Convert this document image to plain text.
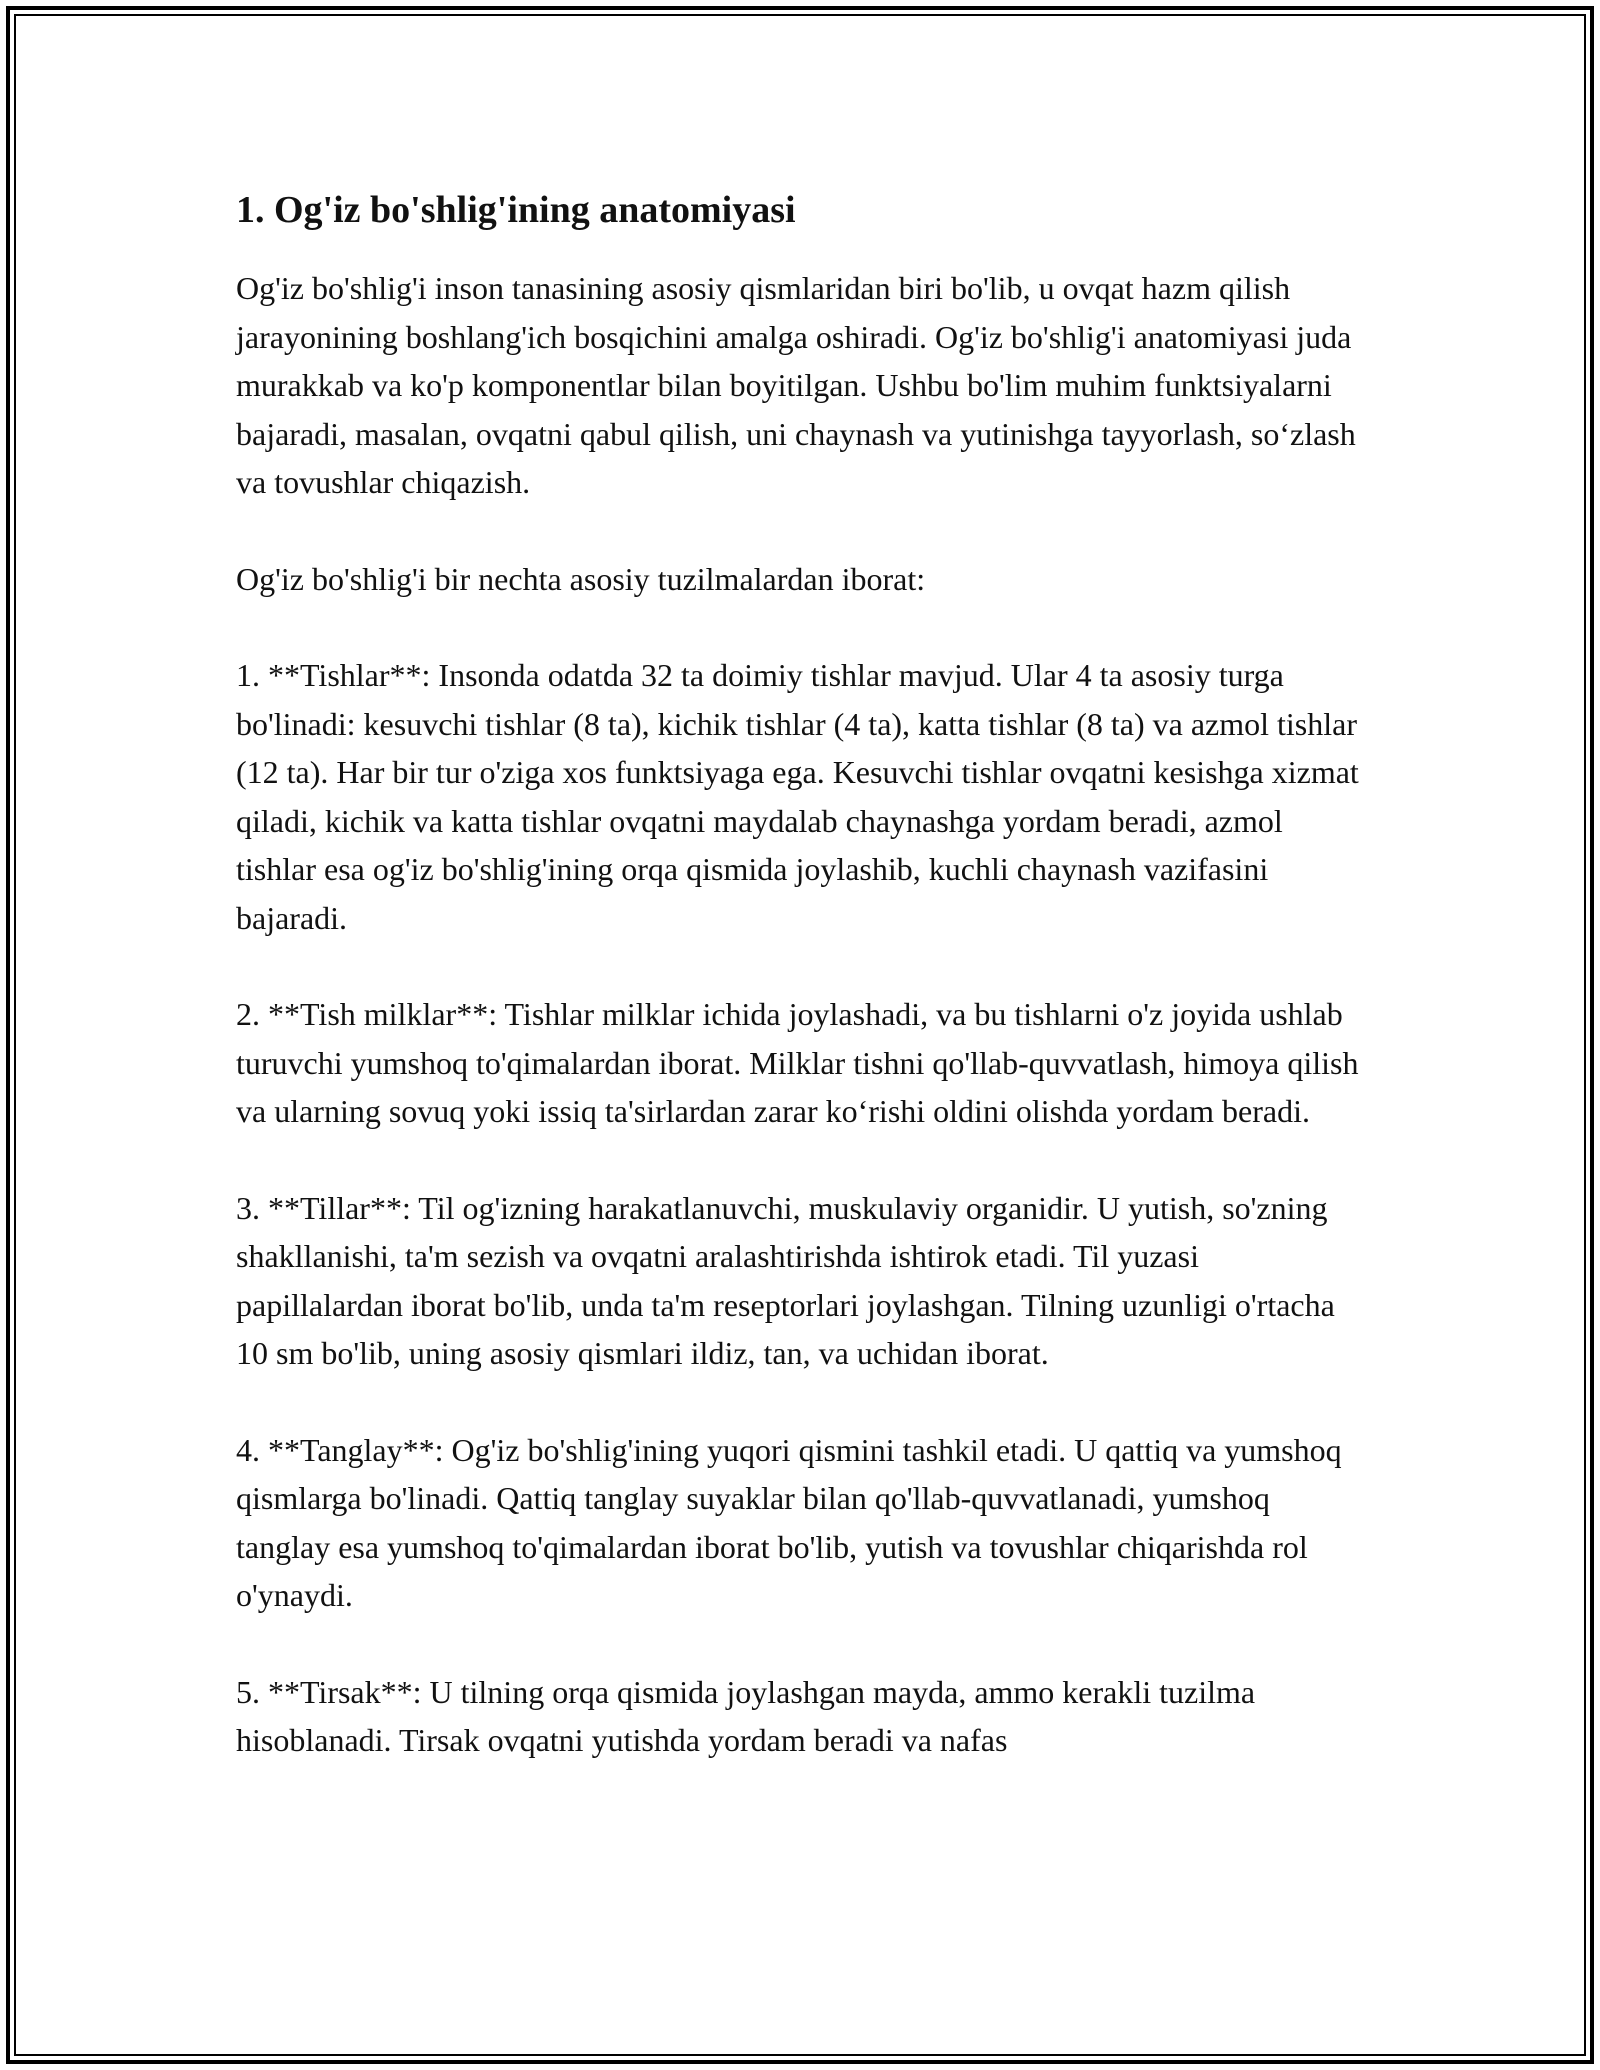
1. Og'iz bo'shlig'ining anatomiyasi

Og'iz bo'shlig'i inson tanasining asosiy qismlaridan biri bo'lib, u ovqat hazm qilish jarayonining boshlang'ich bosqichini amalga oshiradi. Og'iz bo'shlig'i anatomiyasi juda murakkab va ko'p komponentlar bilan boyitilgan. Ushbu bo'lim muhim funktsiyalarni bajaradi, masalan, ovqatni qabul qilish, uni chaynash va yutinishga tayyorlash, so‘zlash va tovushlar chiqazish.

Og'iz bo'shlig'i bir nechta asosiy tuzilmalardan iborat:

1. **Tishlar**: Insonda odatda 32 ta doimiy tishlar mavjud. Ular 4 ta asosiy turga bo'linadi: kesuvchi tishlar (8 ta), kichik tishlar (4 ta), katta tishlar (8 ta) va azmol tishlar (12 ta). Har bir tur o'ziga xos funktsiyaga ega. Kesuvchi tishlar ovqatni kesishga xizmat qiladi, kichik va katta tishlar ovqatni maydalab chaynashga yordam beradi, azmol tishlar esa og'iz bo'shlig'ining orqa qismida joylashib, kuchli chaynash vazifasini bajaradi.

2. **Tish milklar**: Tishlar milklar ichida joylashadi, va bu tishlarni o'z joyida ushlab turuvchi yumshoq to'qimalardan iborat. Milklar tishni qo'llab-quvvatlash, himoya qilish va ularning sovuq yoki issiq ta'sirlardan zarar ko‘rishi oldini olishda yordam beradi.

3. **Tillar**: Til og'izning harakatlanuvchi, muskulaviy organidir. U yutish, so'zning shakllanishi, ta'm sezish va ovqatni aralashtirishda ishtirok etadi. Til yuzasi papillalardan iborat bo'lib, unda ta'm reseptorlari joylashgan. Tilning uzunligi o'rtacha 10 sm bo'lib, uning asosiy qismlari ildiz, tan, va uchidan iborat.

4. **Tanglay**: Og'iz bo'shlig'ining yuqori qismini tashkil etadi. U qattiq va yumshoq qismlarga bo'linadi. Qattiq tanglay suyaklar bilan qo'llab-quvvatlanadi, yumshoq tanglay esa yumshoq to'qimalardan iborat bo'lib, yutish va tovushlar chiqarishda rol o'ynaydi.

5. **Tirsak**: U tilning orqa qismida joylashgan mayda, ammo kerakli tuzilma hisoblanadi. Tirsak ovqatni yutishda yordam beradi va nafas
